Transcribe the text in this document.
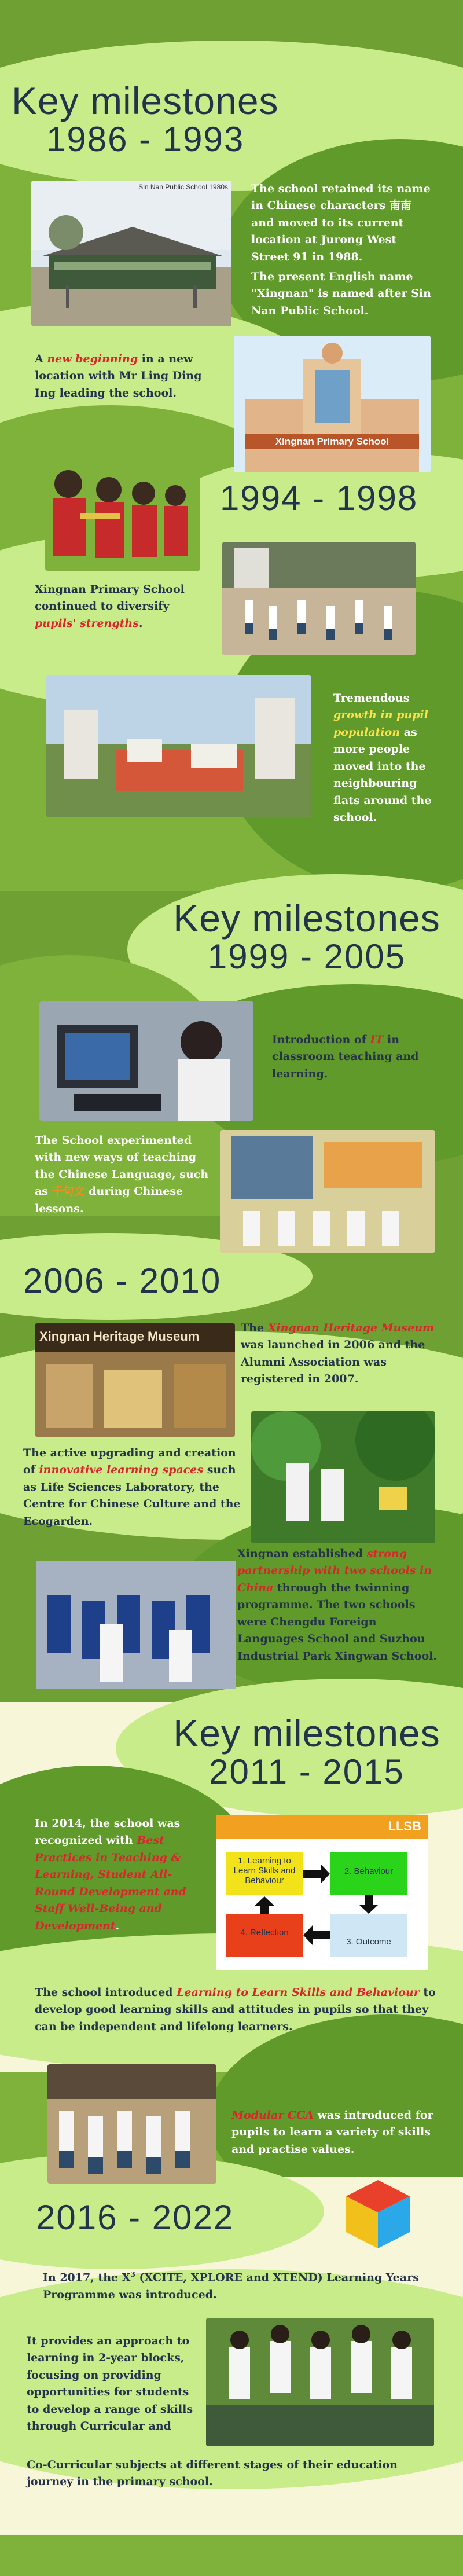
Key milestones
1986 - 1993
Sin Nan Public School 1980s The school retained its name in Chinese characters 南南 and moved to its current location at Jurong West Street 91 in 1988.
The present English name "Xingnan" is named after Sin Nan Public School.
A new beginning in a new location with Mr Ling Ding Ing leading the school.
Xingnan Primary School
1994 - 1998
Xingnan Primary School continued to diversify pupils' strengths.
Tremendous growth in pupil population as more people moved into the neighbouring flats around the school.
Key milestones
1999 - 2005
Introduction of IT in classroom teaching and learning.
The School experimented with new ways of teaching the Chinese Language, such as 千句文 during Chinese lessons.
2006 - 2010
Xingnan Heritage Museum
The Xingnan Heritage Museum was launched in 2006 and the Alumni Association was registered in 2007.
The active upgrading and creation of innovative learning spaces such as Life Sciences Laboratory, the Centre for Chinese Culture and the Ecogarden.
Xingnan established strong partnership with two schools in China through the twinning programme. The two schools were Chengdu Foreign Languages School and Suzhou Industrial Park Xingwan School.
Key milestones
2011 - 2015
In 2014, the school was recognized with Best Practices in Teaching & Learning, Student All-Round Development and Staff Well-Being and Development.
LLSB
1. Learning to Learn Skills and Behaviour
2. Behaviour
4. Reflection
3. Outcome
The school introduced Learning to Learn Skills and Behaviour to develop good learning skills and attitudes in pupils so that they can be independent and lifelong learners.
Modular CCA was introduced for pupils to learn a variety of skills and practise values.
2016 - 2022
In 2017, the $X^3$ (XCITE, XPLORE and XTEND) Learning Years Programme was introduced.
It provides an approach to learning in 2-year blocks, focusing on providing opportunities for students to develop a range of skills through Curricular and
Co-Curricular subjects at different stages of their education journey in the primary school.
